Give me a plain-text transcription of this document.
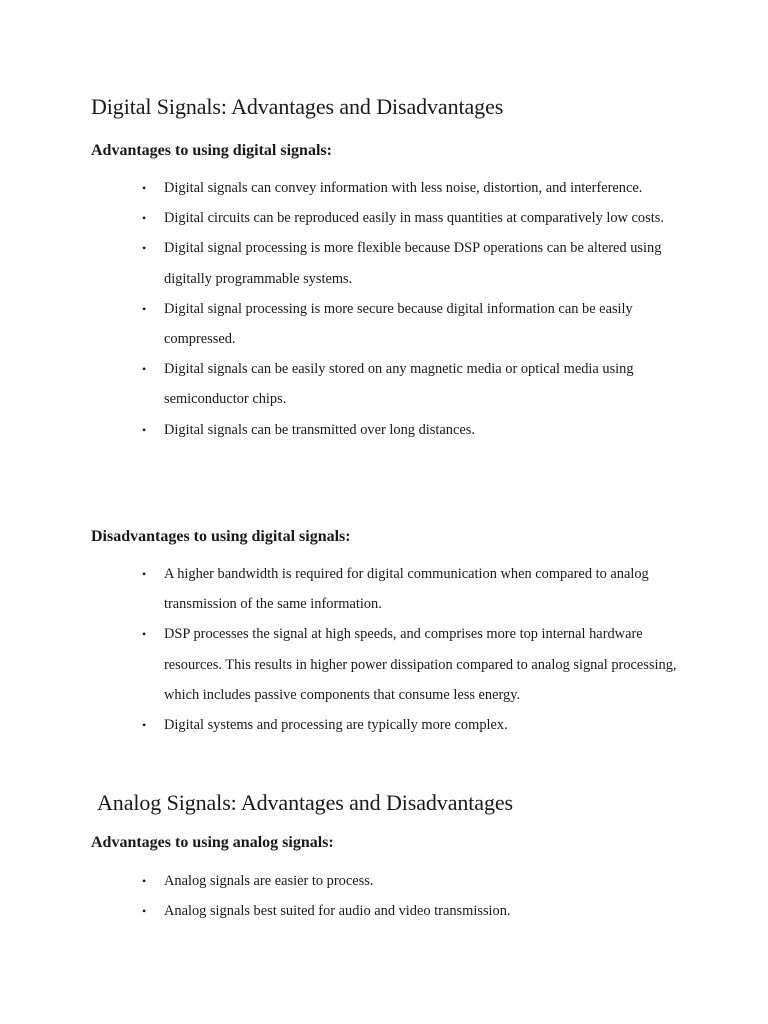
Digital Signals: Advantages and Disadvantages
Advantages to using digital signals:
• Digital signals can convey information with less noise, distortion, and interference.
• Digital circuits can be reproduced easily in mass quantities at comparatively low costs.
• Digital signal processing is more flexible because DSP operations can be altered using digitally programmable systems.
• Digital signal processing is more secure because digital information can be easily compressed.
• Digital signals can be easily stored on any magnetic media or optical media using semiconductor chips.
• Digital signals can be transmitted over long distances.
Disadvantages to using digital signals:
• A higher bandwidth is required for digital communication when compared to analog transmission of the same information.
• DSP processes the signal at high speeds, and comprises more top internal hardware resources. This results in higher power dissipation compared to analog signal processing, which includes passive components that consume less energy.
• Digital systems and processing are typically more complex.
Analog Signals: Advantages and Disadvantages
Advantages to using analog signals:
• Analog signals are easier to process.
• Analog signals best suited for audio and video transmission.
